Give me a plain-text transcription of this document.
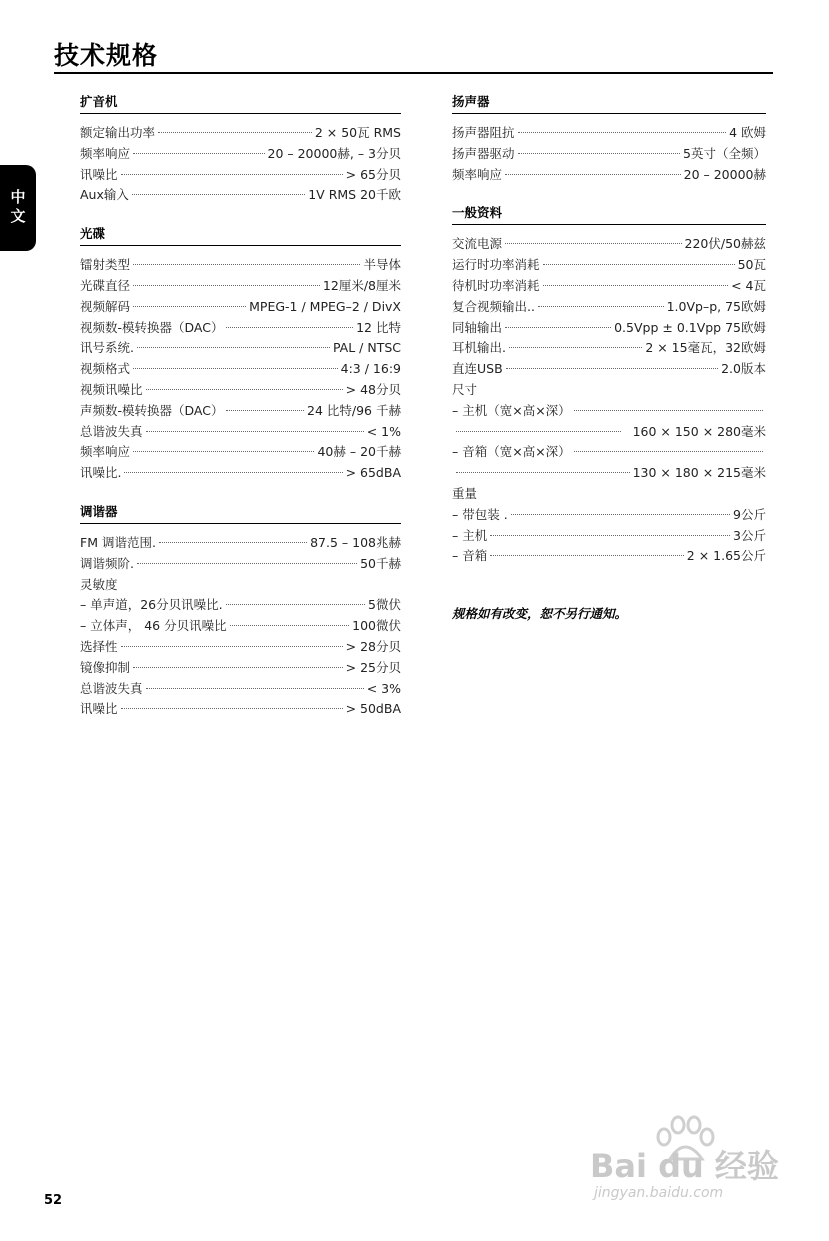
技术规格
中文
扩音机
额定输出功率	2 × 50瓦 RMS
频率响应	20 – 20000赫, – 3分贝
讯噪比	> 65分贝
Aux输入	1V RMS 20千欧
光碟
镭射类型	半导体
光碟直径	12厘米/8厘米
视频解码	MPEG-1 / MPEG–2 / DivX
视频数-模转换器（DAC）	12 比特
讯号系统.	PAL / NTSC
视频格式	4:3 / 16:9
视频讯噪比	> 48分贝
声频数-模转换器（DAC）	24 比特/96 千赫
总谐波失真	< 1%
频率响应	40赫 – 20千赫
讯噪比.	> 65dBA
调谐器
FM 调谐范围.	87.5 – 108兆赫
调谐频阶.	50千赫
灵敏度
– 单声道，26分贝讯噪比.	5微伏
– 立体声， 46 分贝讯噪比	100微伏
选择性	> 28分贝
镜像抑制	> 25分贝
总谐波失真	< 3%
讯噪比	> 50dBA
扬声器
扬声器阻抗	4 欧姆
扬声器驱动	5英寸（全频）
频率响应	20 – 20000赫
一般资料
交流电源	220伏/50赫兹
运行时功率消耗	50瓦
待机时功率消耗	< 4瓦
复合视频输出..	1.0Vp–p, 75欧姆
同轴输出	0.5Vpp ± 0.1Vpp 75欧姆
耳机输出.	2 × 15毫瓦，32欧姆
直连USB	2.0版本
尺寸
– 主机（宽×高×深）
160 × 150 × 280毫米
– 音箱（宽×高×深）
130 × 180 × 215毫米
重量
– 带包装 .	9公斤
– 主机	3公斤
– 音箱	2 × 1.65公斤
规格如有改变，恕不另行通知。
52
Bai du 经验
jingyan.baidu.com
